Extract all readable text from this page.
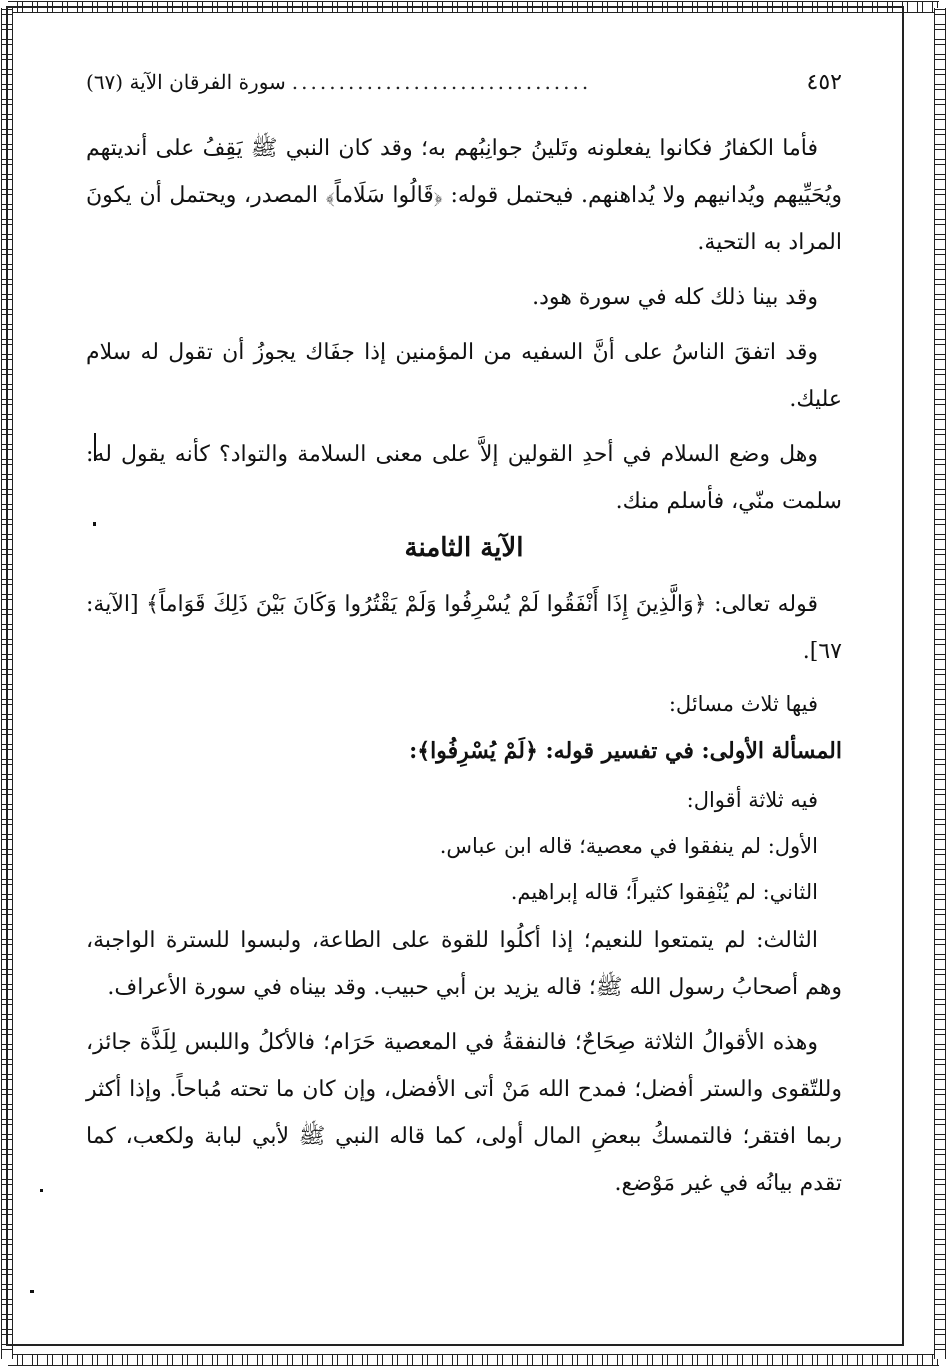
٤٥٢
................................
سورة الفرقان الآية (٦٧)

فأما الكفارُ فكانوا يفعلونه وتَلينُ جوانِبُهم به؛ وقد كان النبي ﷺ يَقِفُ على أنديتهم ويُحَيِّيهم ويُدانيهم ولا يُداهنهم. فيحتمل قوله: ﴿قَالُوا سَلَاماً﴾ المصدر، ويحتمل أن يكونَ المراد به التحية.

وقد بينا ذلك كله في سورة هود.

وقد اتفقَ الناسُ على أنَّ السفيه من المؤمنين إذا جفَاك يجوزُ أن تقول له سلام عليك.

وهل وضع السلام في أحدِ القولين إلاَّ على معنى السلامة والتواد؟ كأنه يقول له: سلمت منّي، فأسلم منك.

الآية الثامنة

قوله تعالى: ﴿وَالَّذِينَ إِذَا أَنْفَقُوا لَمْ يُسْرِفُوا وَلَمْ يَقْتُرُوا وَكَانَ بَيْنَ ذَلِكَ قَوَاماً﴾ [الآية: ٦٧].

فيها ثلاث مسائل:

المسألة الأولى: في تفسير قوله: ﴿لَمْ يُسْرِفُوا﴾:

فيه ثلاثة أقوال:

الأول: لم ينفقوا في معصية؛ قاله ابن عباس.

الثاني: لم يُنْفِقوا كثيراً؛ قاله إبراهيم.

الثالث: لم يتمتعوا للنعيم؛ إذا أكلُوا للقوة على الطاعة، ولبسوا للسترة الواجبة، وهم أصحابُ رسول الله ﷺ؛ قاله يزيد بن أبي حبيب. وقد بيناه في سورة الأعراف.

وهذه الأقوالُ الثلاثة صِحَاحٌ؛ فالنفقةُ في المعصية حَرَام؛ فالأكلُ واللبس لِلَذَّة جائز، وللتّقوى والستر أفضل؛ فمدح الله مَنْ أتى الأفضل، وإن كان ما تحته مُباحاً. وإذا أكثر ربما افتقر؛ فالتمسكُ ببعضِ المال أولى، كما قاله النبي ﷺ لأبي لبابة ولكعب، كما تقدم بيانُه في غير مَوْضع.
